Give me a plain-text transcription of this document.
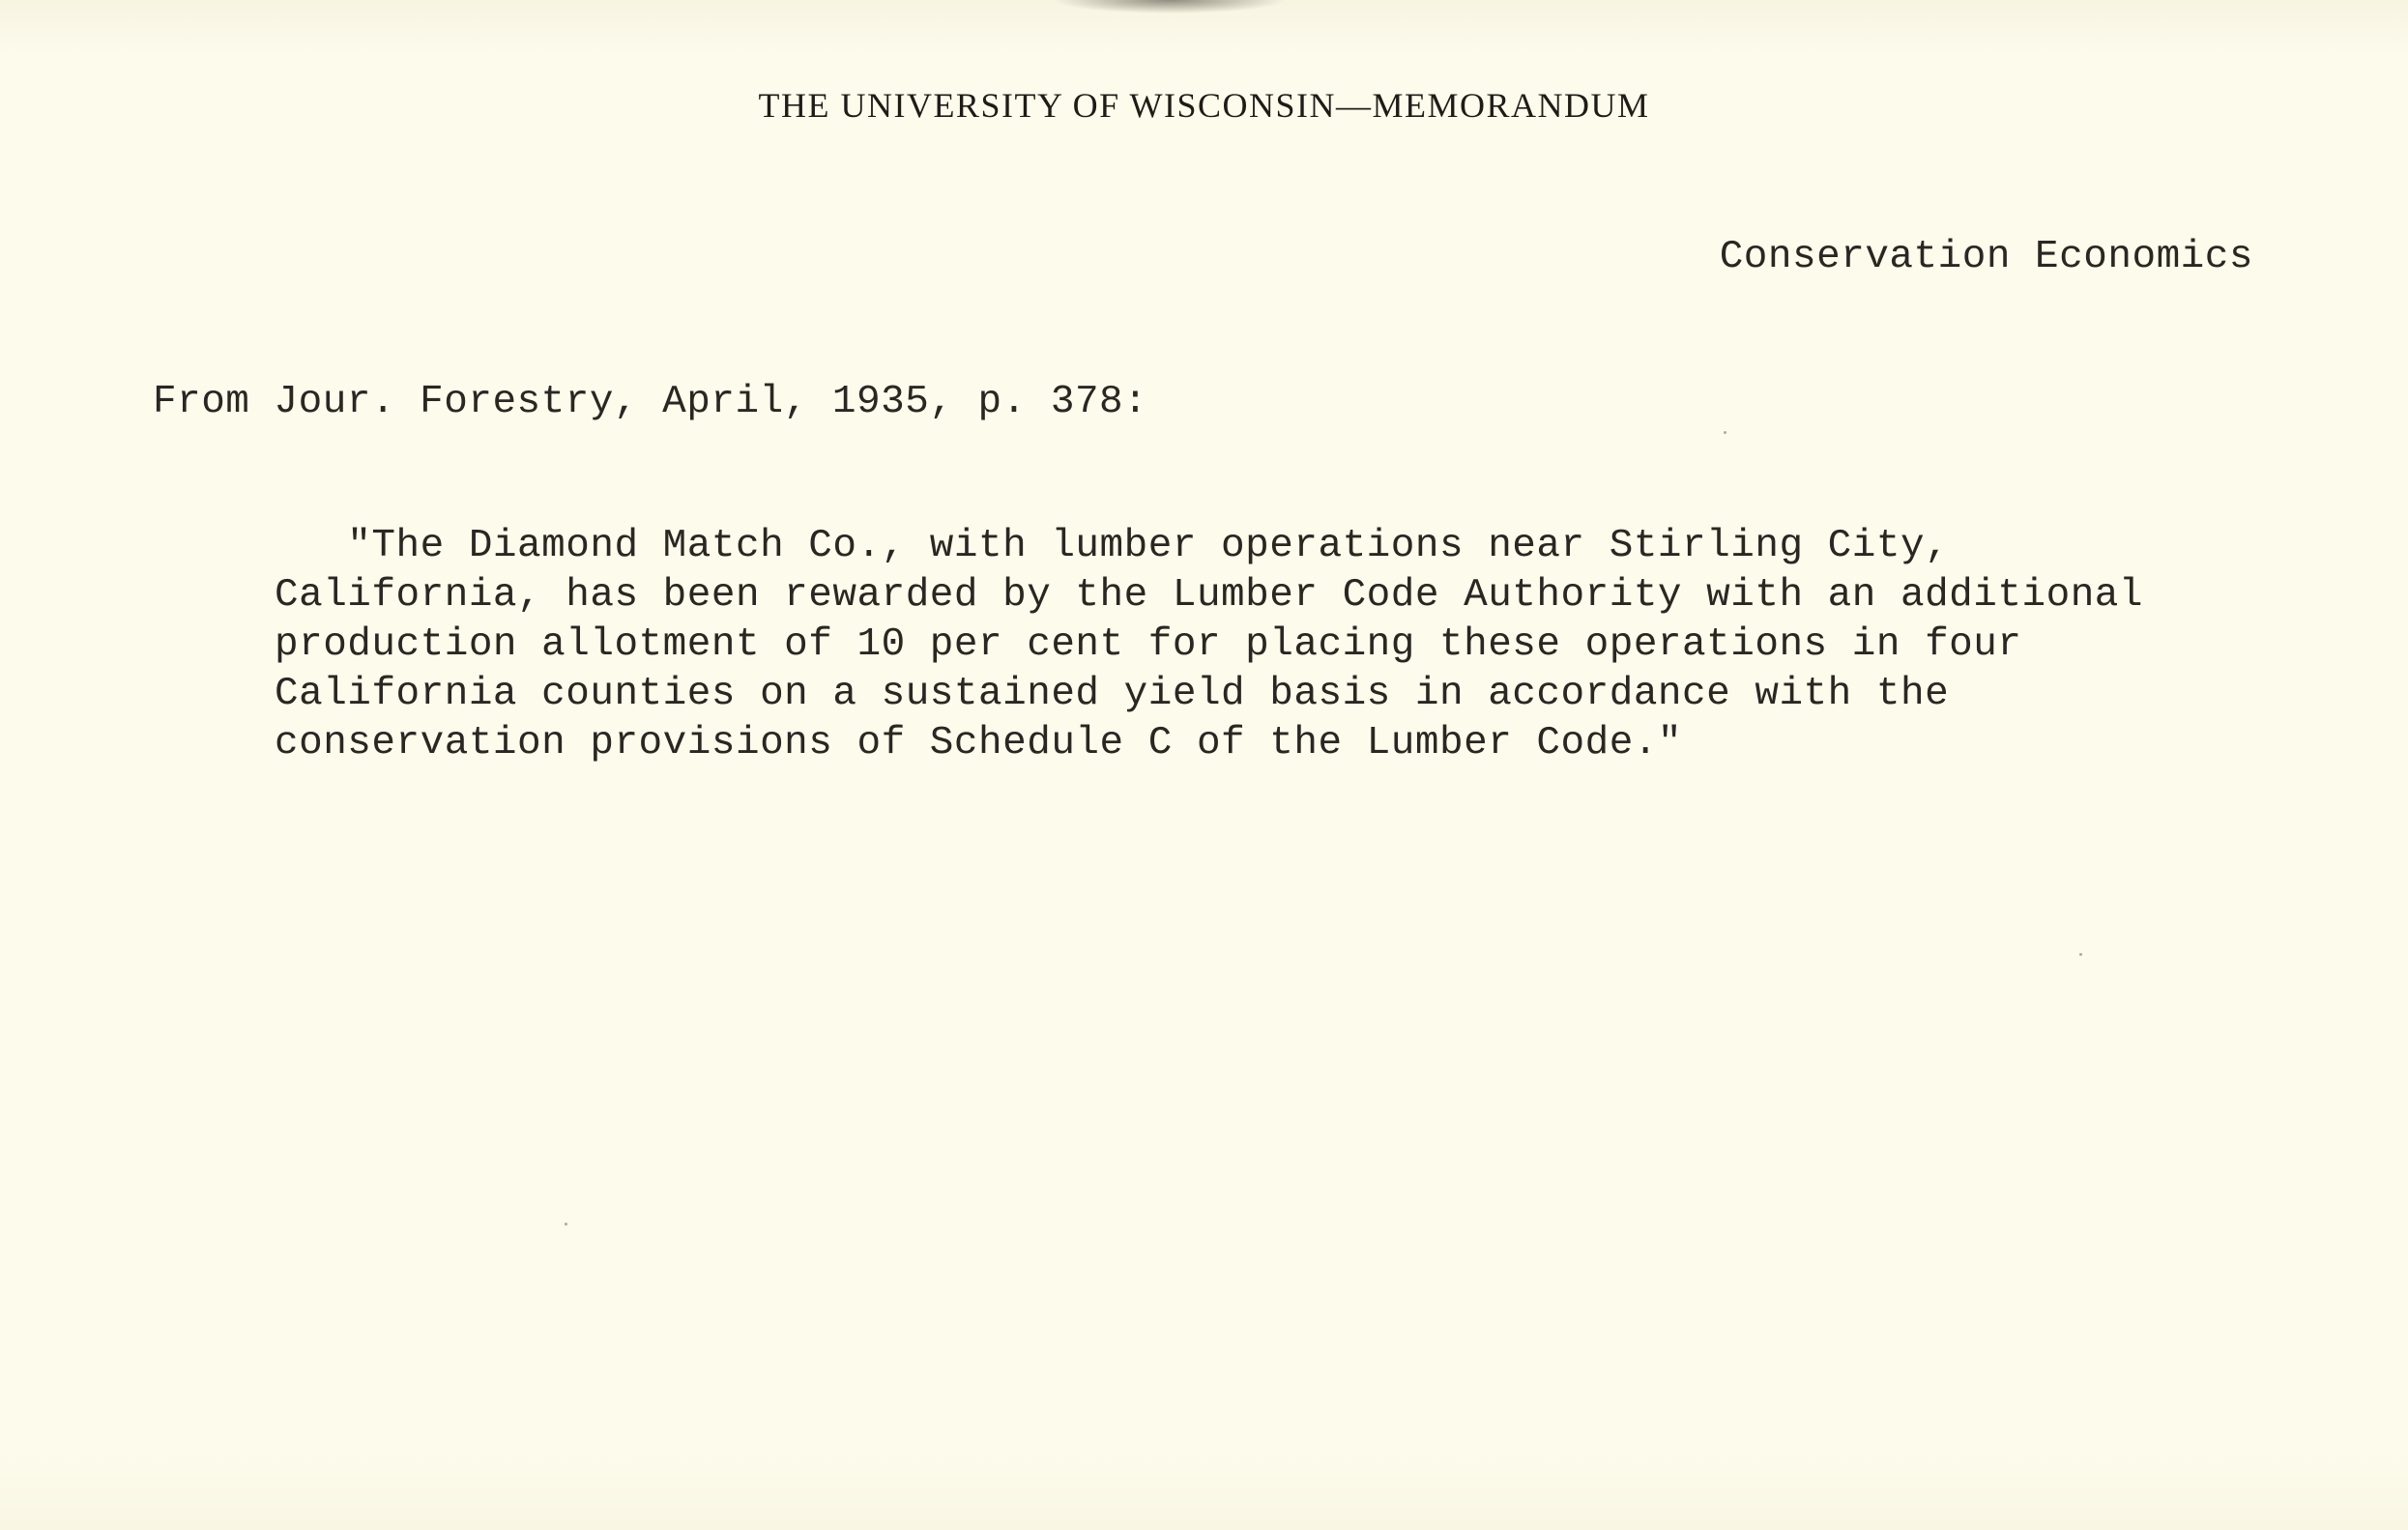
THE UNIVERSITY OF WISCONSIN—MEMORANDUM
Conservation Economics
From Jour. Forestry, April, 1935, p. 378:
"The Diamond Match Co., with lumber operations near Stirling City,
California, has been rewarded by the Lumber Code Authority with an additional
production allotment of 10 per cent for placing these operations in four
California counties on a sustained yield basis in accordance with the
conservation provisions of Schedule C of the Lumber Code."
